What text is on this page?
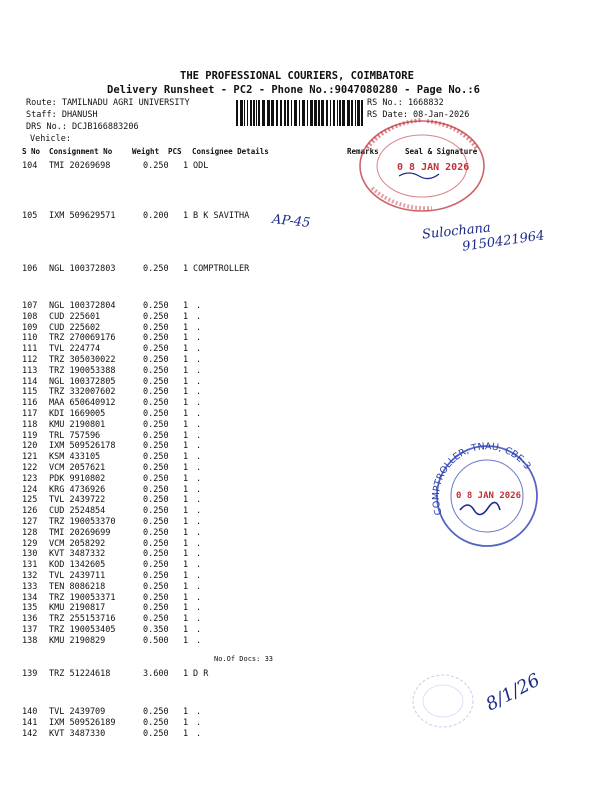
THE PROFESSIONAL COURIERS, COIMBATORE
Delivery Runsheet - PC2 - Phone No.:9047080280 - Page No.:6
Route: TAMILNADU AGRI UNIVERSITY
Staff: DHANUSH
DRS No.: DCJB166883206
Vehicle:
RS No.: 1668832
RS Date: 08-Jan-2026
S No Consignment No	Weight PCS Consignee Details	Remarks	Seal & Signature
104 TMI 20269698	0.250 1 ODL
105 IXM 509629571	0.200 1 B K SAVITHA
106 NGL 100372803	0.250 1 COMPTROLLER
107 NGL 100372804	0.250 1 .
108 CUD 225601	0.250 1 .
109 CUD 225602	0.250 1 .
110 TRZ 270069176	0.250 1 .
111 TVL 224774	0.250 1 .
112 TRZ 305030022	0.250 1 .
113 TRZ 190053388	0.250 1 .
114 NGL 100372805	0.250 1 .
115 TRZ 332007602	0.250 1 .
116 MAA 650640912	0.250 1 .
117 KDI 1669005	0.250 1 .
118 KMU 2190801	0.250 1 .
119 TRL 757596	0.250 1 .
120 IXM 509526178	0.250 1 .
121 KSM 433105	0.250 1 .
122 VCM 2057621	0.250 1 .
123 PDK 9910802	0.250 1 .
124 KRG 4736926	0.250 1 .
125 TVL 2439722	0.250 1 .
126 CUD 2524854	0.250 1 .
127 TRZ 190053370	0.250 1 .
128 TMI 20269699	0.250 1 .
129 VCM 2058292	0.250 1 .
130 KVT 3487332	0.250 1 .
131 KOD 1342605	0.250 1 .
132 TVL 2439711	0.250 1 .
133 TEN 8086218	0.250 1 .
134 TRZ 190053371	0.250 1 .
135 KMU 2190817	0.250 1 .
136 TRZ 255153716	0.250 1 .
137 TRZ 190053405	0.350 1 .
138 KMU 2190829	0.500 1 .
139 TRZ 51224618	3.600 1 D R
140 TVL 2439709	0.250 1 .
141 IXM 509526189	0.250 1 .
142 KVT 3487330	0.250 1 .
No.Of Docs: 33
0 8 JAN 2026
COMPTROLLER, TNAU, CBE-3
0 8 JAN 2026
AP-45	Sulochana
9150421964
8/1/26
